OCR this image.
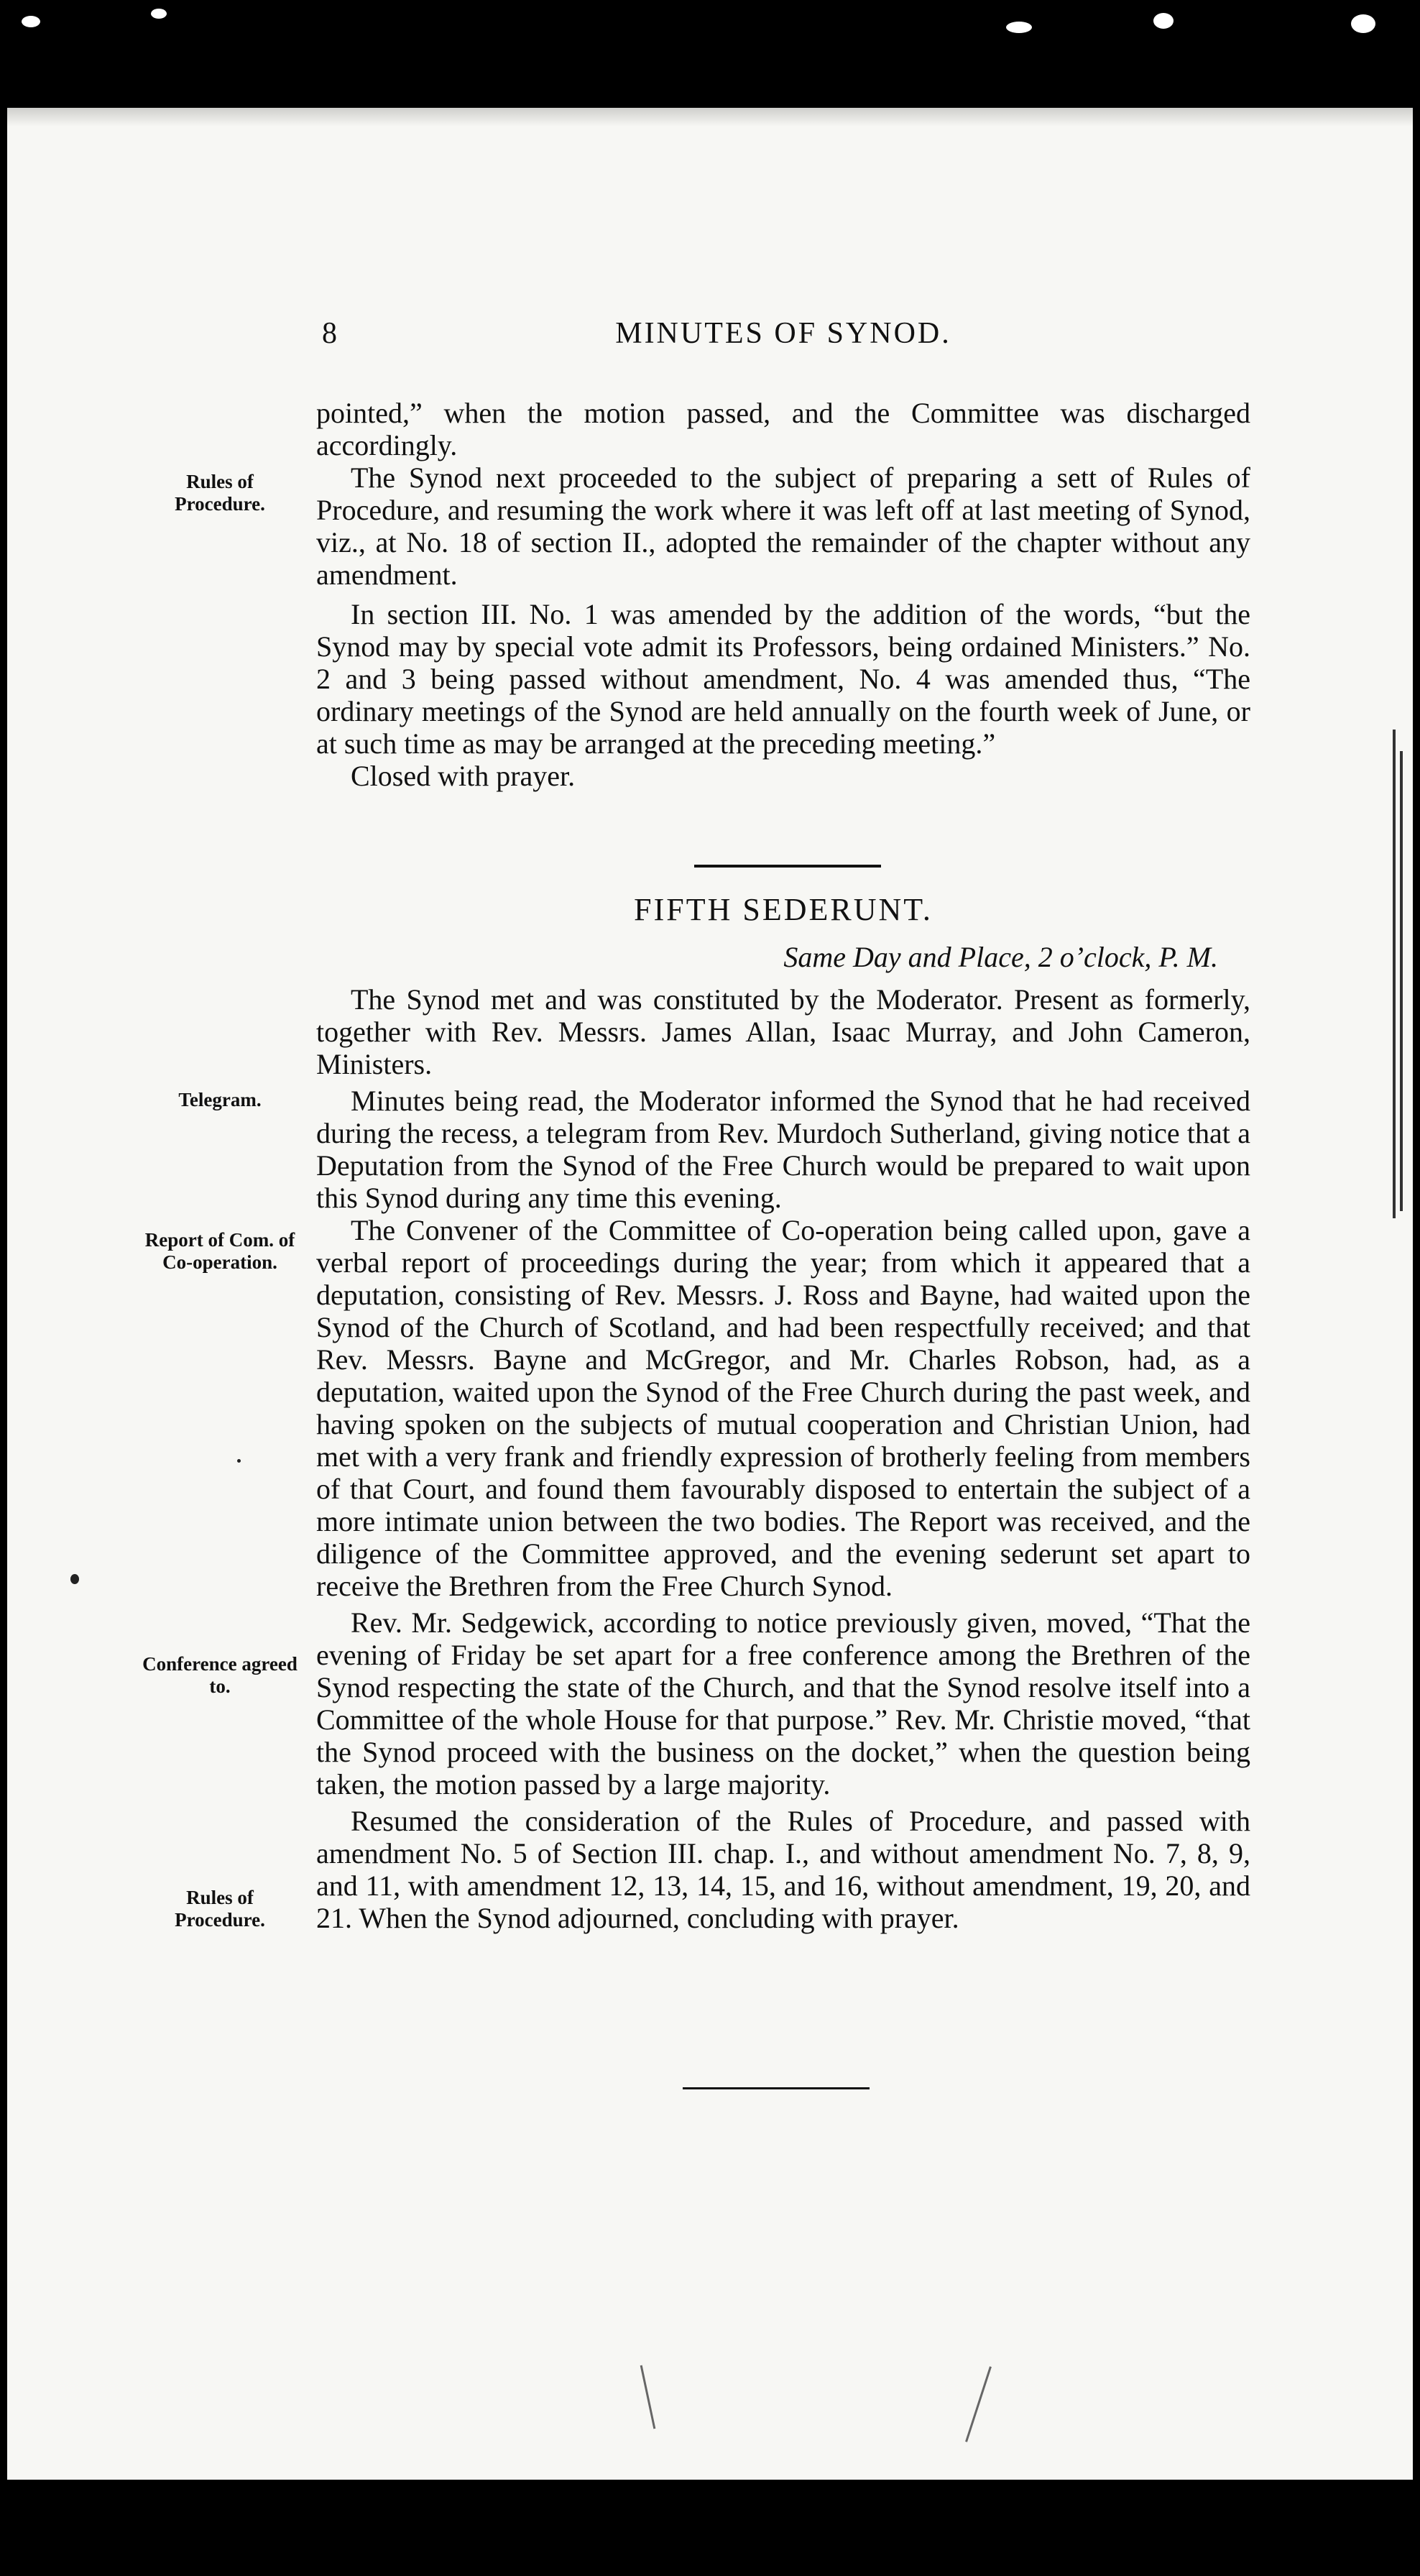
8	MINUTES OF SYNOD.
Rules of Procedure.
Telegram.
Report of Com. of Co-operation.
Conference agreed to.
Rules of Procedure.

pointed,” when the motion passed, and the Committee was discharged accordingly.

The Synod next proceeded to the subject of preparing a sett of Rules of Procedure, and resuming the work where it was left off at last meeting of Synod, viz., at No. 18 of section II., adopted the remainder of the chapter without any amendment.

In section III. No. 1 was amended by the addition of the words, “but the Synod may by special vote admit its Professors, being ordained Ministers.” No. 2 and 3 being passed without amendment, No. 4 was amended thus, “The ordinary meetings of the Synod are held annually on the fourth week of June, or at such time as may be arranged at the preceding meeting.”

Closed with prayer.

FIFTH SEDERUNT.
Same Day and Place, 2 o’clock, P. M.

The Synod met and was constituted by the Moderator. Present as formerly, together with Rev. Messrs. James Allan, Isaac Murray, and John Cameron, Ministers.

Minutes being read, the Moderator informed the Synod that he had received during the recess, a telegram from Rev. Murdoch Sutherland, giving notice that a Deputation from the Synod of the Free Church would be prepared to wait upon this Synod during any time this evening.

The Convener of the Committee of Co-operation being called upon, gave a verbal report of proceedings during the year; from which it appeared that a deputation, consisting of Rev. Messrs. J. Ross and Bayne, had waited upon the Synod of the Church of Scotland, and had been respectfully received; and that Rev. Messrs. Bayne and McGregor, and Mr. Charles Robson, had, as a deputation, waited upon the Synod of the Free Church during the past week, and having spoken on the subjects of mutual cooperation and Christian Union, had met with a very frank and friendly expression of brotherly feeling from members of that Court, and found them favourably disposed to entertain the subject of a more intimate union between the two bodies. The Report was received, and the diligence of the Committee approved, and the evening sederunt set apart to receive the Brethren from the Free Church Synod.

Rev. Mr. Sedgewick, according to notice previously given, moved, “That the evening of Friday be set apart for a free conference among the Brethren of the Synod respecting the state of the Church, and that the Synod resolve itself into a Committee of the whole House for that purpose.” Rev. Mr. Christie moved, “that the Synod proceed with the business on the docket,” when the question being taken, the motion passed by a large majority.

Resumed the consideration of the Rules of Procedure, and passed with amendment No. 5 of Section III. chap. I., and without amendment No. 7, 8, 9, and 11, with amendment 12, 13, 14, 15, and 16, without amendment, 19, 20, and 21. When the Synod adjourned, concluding with prayer.
